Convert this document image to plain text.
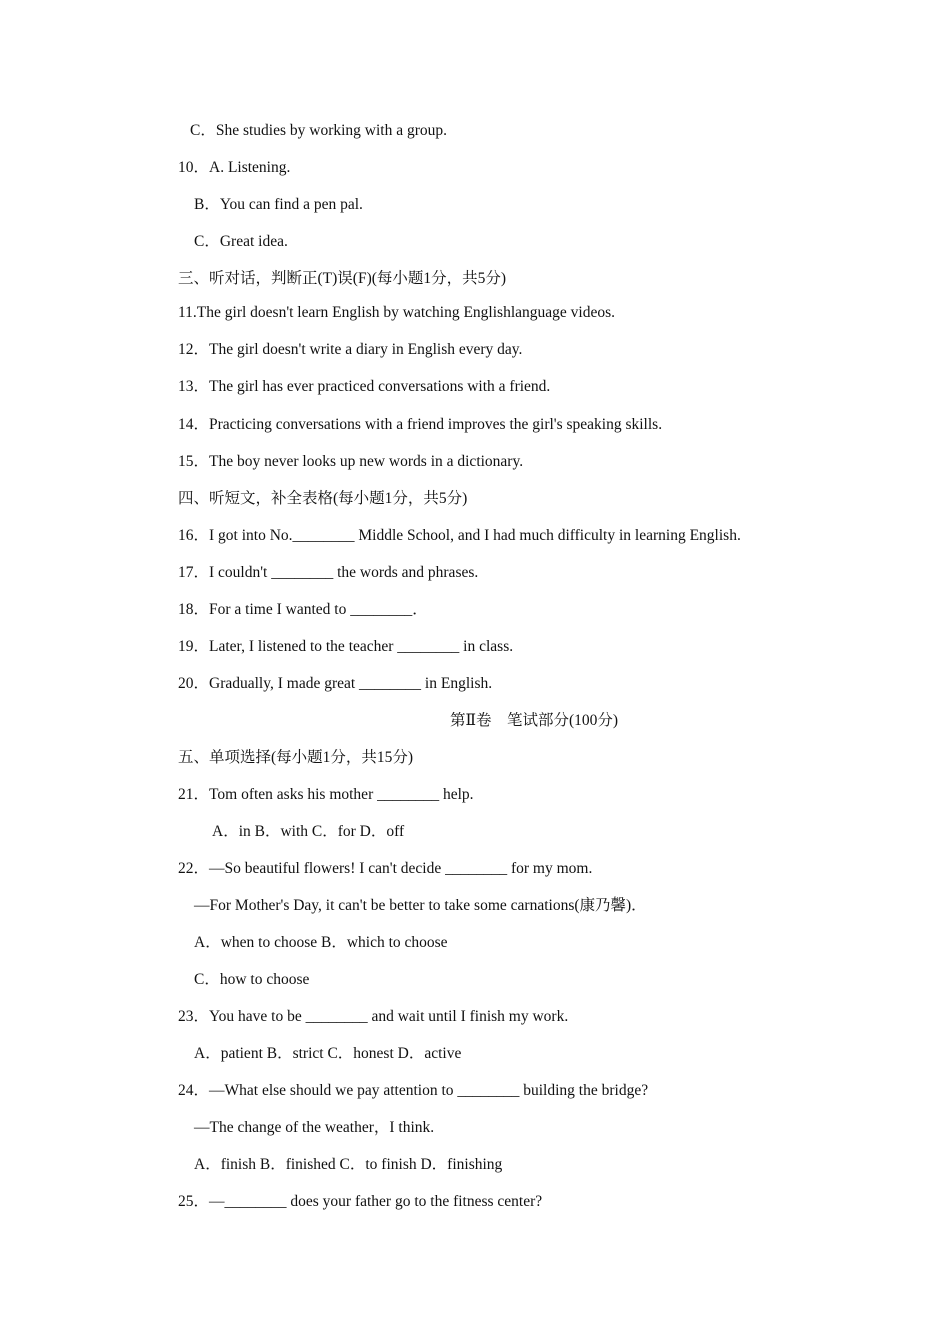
C．She studies by working with a group.
10．A. Listening.
B．You can find a pen pal.
C．Great idea.
三、听对话，判断正(T)误(F)(每小题1分，共5分)
11.The girl doesn't learn English by watching Englishlanguage videos.
12．The girl doesn't write a diary in English every day.
13．The girl has ever practiced conversations with a friend.
14．Practicing conversations with a friend improves the girl's speaking skills.
15．The boy never looks up new words in a dictionary.
四、听短文，补全表格(每小题1分，共5分)
16．I got into No.________ Middle School, and I had much difficulty in learning English.
17．I couldn't ________ the words and phrases.
18．For a time I wanted to ________．
19．Later, I listened to the teacher ________ in class.
20．Gradually, I made great ________ in English.
第Ⅱ卷　笔试部分(100分)
五、单项选择(每小题1分，共15分)
21．Tom often asks his mother ________ help.
A．in B．with C．for D．off
22．—So beautiful flowers! I can't decide ________ for my mom.
—For Mother's Day, it can't be better to take some carnations(康乃馨)．
A．when to choose B．which to choose
C．how to choose
23．You have to be ________ and wait until I finish my work.
A．patient B．strict C．honest D．active
24．—What else should we pay attention to ________ building the bridge?
—The change of the weather，I think.
A．finish B．finished C．to finish D．finishing
25．—________ does your father go to the fitness center?
